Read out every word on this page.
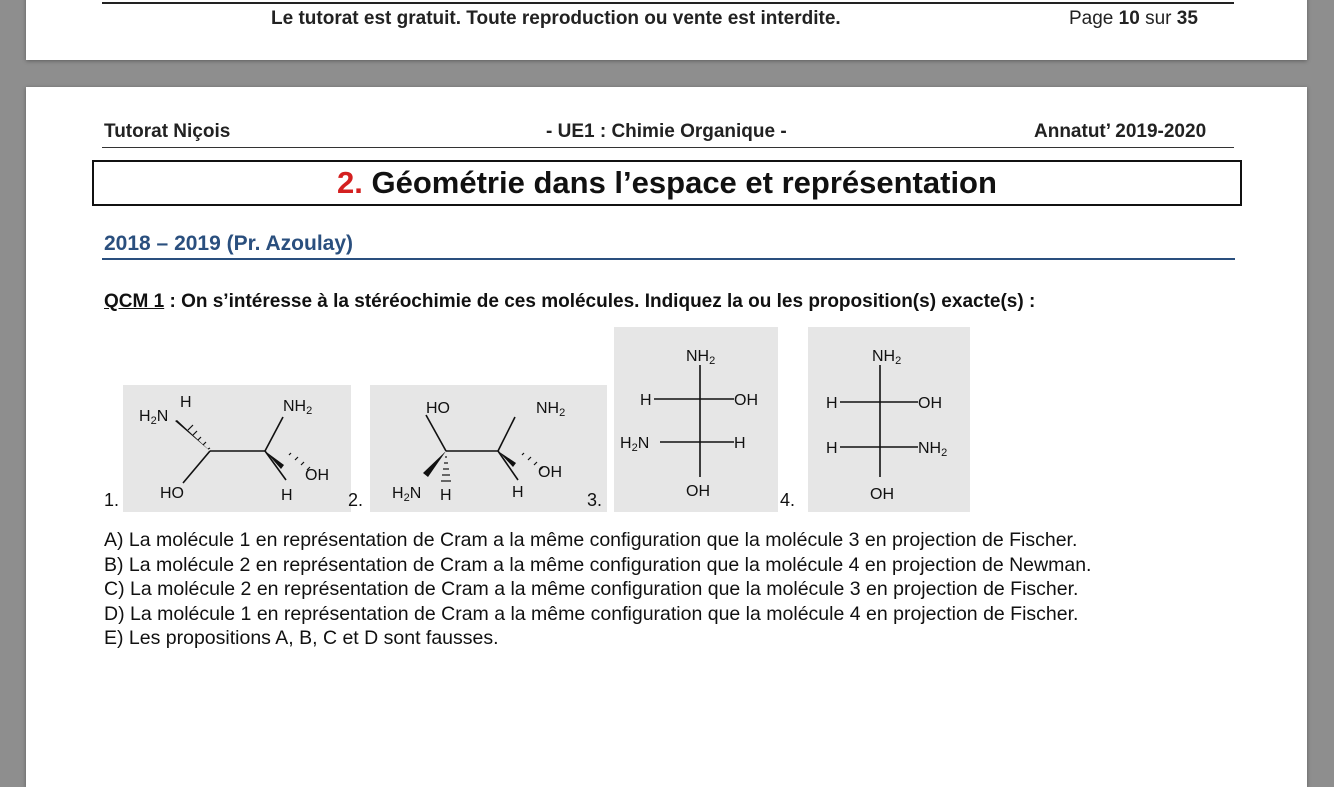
Le tutorat est gratuit. Toute reproduction ou vente est interdite.	Page 10 sur 35
Tutorat Niçois	- UE1 : Chimie Organique -	Annatut’ 2019-2020
2. Géométrie dans l’espace et représentation
2018 – 2019 (Pr. Azoulay)
QCM 1 : On s’intéresse à la stéréochimie de ces molécules. Indiquez la ou les proposition(s) exacte(s) :
1.
H2N
H	NH2
HO
OH
H	2.
HO	NH2
H2N H
OH
H	3.
NH2
H	OH
H2N	H
OH	4.
NH2
H	OH
H	NH2
OH
A) La molécule 1 en représentation de Cram a la même configuration que la molécule 3 en projection de Fischer.
B) La molécule 2 en représentation de Cram a la même configuration que la molécule 4 en projection de Newman.
C) La molécule 2 en représentation de Cram a la même configuration que la molécule 3 en projection de Fischer.
D) La molécule 1 en représentation de Cram a la même configuration que la molécule 4 en projection de Fischer.
E) Les propositions A, B, C et D sont fausses.
